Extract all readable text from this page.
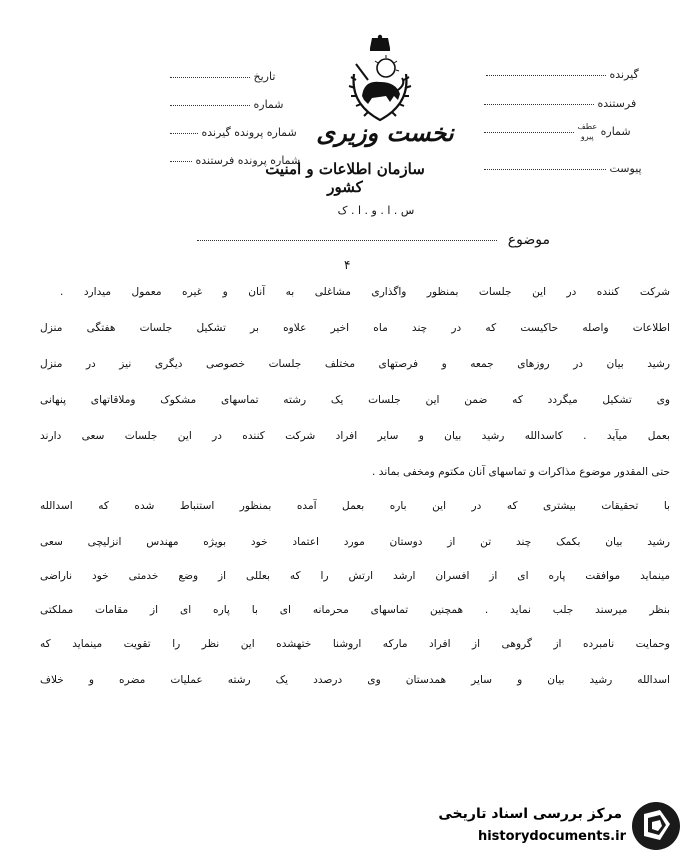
گیرنده
فرستنده
شماره عطف
پیرو
پیوست
تاریخ
شماره
شماره پرونده گیرنده
شماره پرونده فرستنده
نخست وزیری
سازمان اطلاعات و امنیت کشور
س . ا . و . ا . ک
موضوع
۴
شرکت کننده در این جلسات بمنظور واگذاری مشاغلی به آنان و غیره معمول میدارد .
اطلاعات واصله حاکیست که در چند ماه اخیر علاوه بر تشکیل جلسات هفتگی منزل
رشید بیان در روزهای جمعه و فرصتهای مختلف جلسات خصوصی دیگری نیز در منزل
وی تشکیل میگردد که ضمن این جلسات یک رشته تماسهای مشکوک وملاقاتهای پنهانی
بعمل میآید . کاسدالله رشید بیان و سایر افراد شرکت کننده در این جلسات سعی دارند
حتی المقدور موضوع مذاکرات و تماسهای آنان مکتوم ومخفی بماند .
با تحقیقات بیشتری که در این باره بعمل آمده بمنظور استنباط شده که اسدالله
رشید بیان بکمک چند تن از دوستان مورد اعتماد خود بویژه مهندس انزلیچی سعی
مینماید موافقت پاره ای از افسران ارشد ارتش را که بعللی از وضع خدمتی خود ناراضی
بنظر میرسند جلب نماید . همچنین تماسهای محرمانه ای با پاره ای از مقامات مملکتی
وحمایت نامبرده از گروهی از افراد مارکه اروشنا ختهشده این نظر را تقویت مینماید که
اسدالله رشید بیان و سایر همدستان وی درصدد یک رشته عملیات مضره و خلاف
مرکز بررسی اسناد تاریخی
historydocuments.ir
